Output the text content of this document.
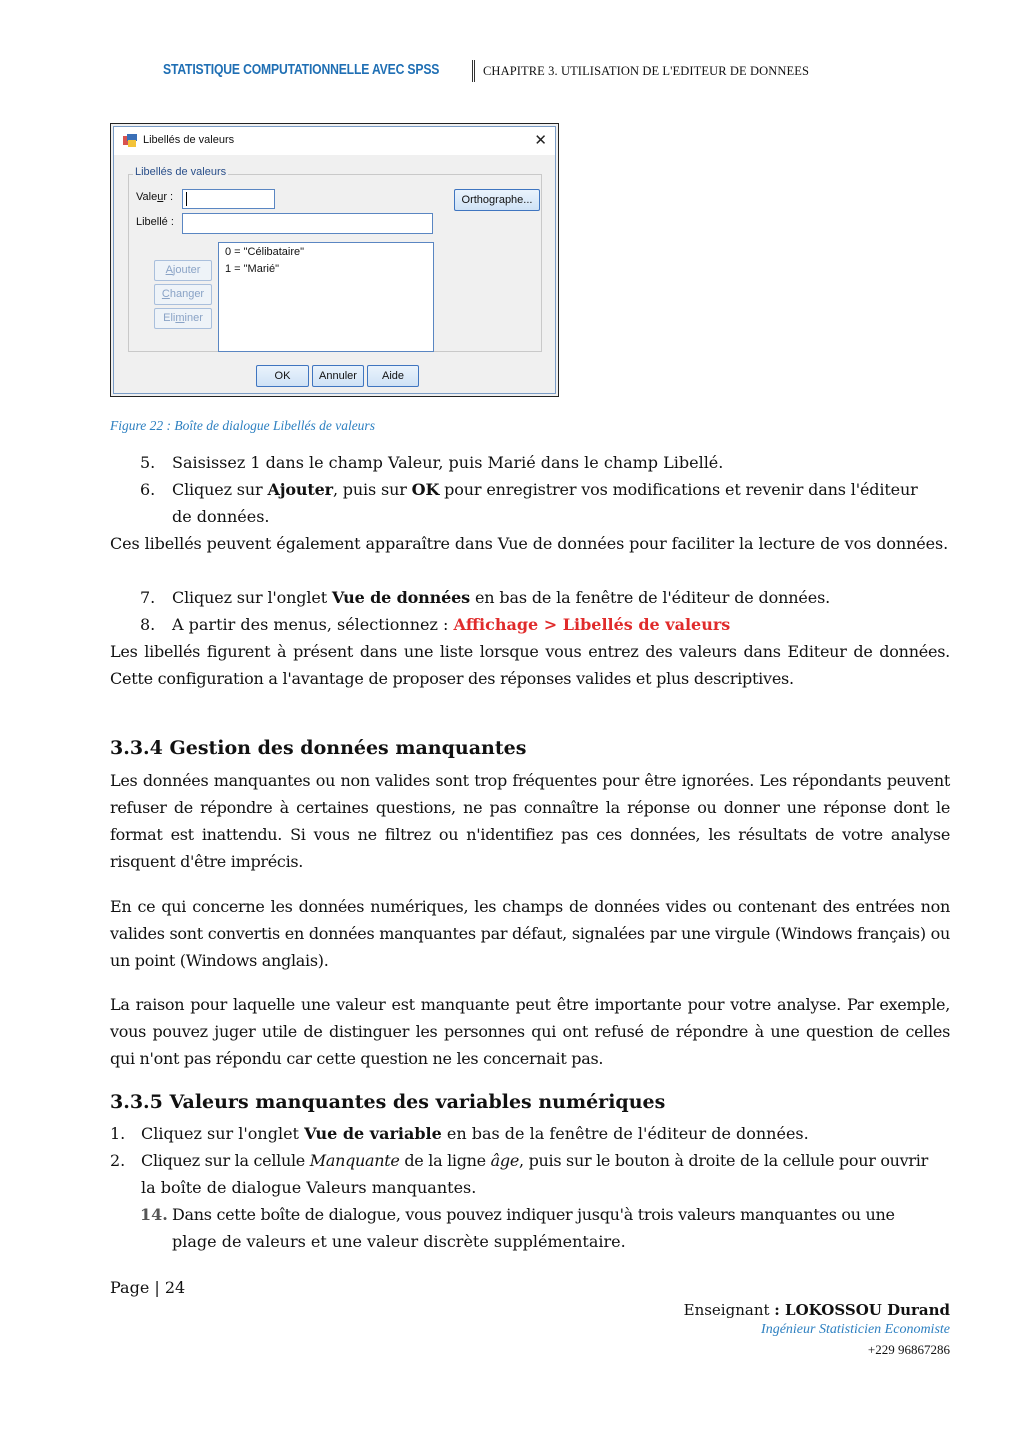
STATISTIQUE COMPUTATIONNELLE AVEC SPSS	CHAPITRE 3. UTILISATION DE L'EDITEUR DE DONNEES
Libellés de valeurs	✕
Libellés de valeurs
Valeur :
Libellé :
Orthographe...
Ajouter
Changer
Eliminer
0 = "Célibataire"
1 = "Marié"
OK	Annuler	Aide
Figure 22 : Boîte de dialogue Libellés de valeurs
5. Saisissez 1 dans le champ Valeur, puis Marié dans le champ Libellé.
6. Cliquez sur Ajouter, puis sur OK pour enregistrer vos modifications et revenir dans l'éditeur
de données.
Ces libellés peuvent également apparaître dans Vue de données pour faciliter la lecture de vos données.
7. Cliquez sur l'onglet Vue de données en bas de la fenêtre de l'éditeur de données.
8. A partir des menus, sélectionnez : Affichage > Libellés de valeurs
Les libellés figurent à présent dans une liste lorsque vous entrez des valeurs dans Editeur de données. Cette configuration a l'avantage de proposer des réponses valides et plus descriptives.
3.3.4 Gestion des données manquantes
Les données manquantes ou non valides sont trop fréquentes pour être ignorées. Les répondants peuvent refuser de répondre à certaines questions, ne pas connaître la réponse ou donner une réponse dont le format est inattendu. Si vous ne filtrez ou n'identifiez pas ces données, les résultats de votre analyse risquent d'être imprécis.
En ce qui concerne les données numériques, les champs de données vides ou contenant des entrées non valides sont convertis en données manquantes par défaut, signalées par une virgule (Windows français) ou un point (Windows anglais).
La raison pour laquelle une valeur est manquante peut être importante pour votre analyse. Par exemple, vous pouvez juger utile de distinguer les personnes qui ont refusé de répondre à une question de celles qui n'ont pas répondu car cette question ne les concernait pas.
3.3.5 Valeurs manquantes des variables numériques
1. Cliquez sur l'onglet Vue de variable en bas de la fenêtre de l'éditeur de données.
2. Cliquez sur la cellule Manquante de la ligne âge, puis sur le bouton à droite de la cellule pour ouvrir
la boîte de dialogue Valeurs manquantes.
14. Dans cette boîte de dialogue, vous pouvez indiquer jusqu'à trois valeurs manquantes ou une
plage de valeurs et une valeur discrète supplémentaire.
Page | 24
Enseignant : LOKOSSOU Durand
Ingénieur Statisticien Economiste
+229 96867286
